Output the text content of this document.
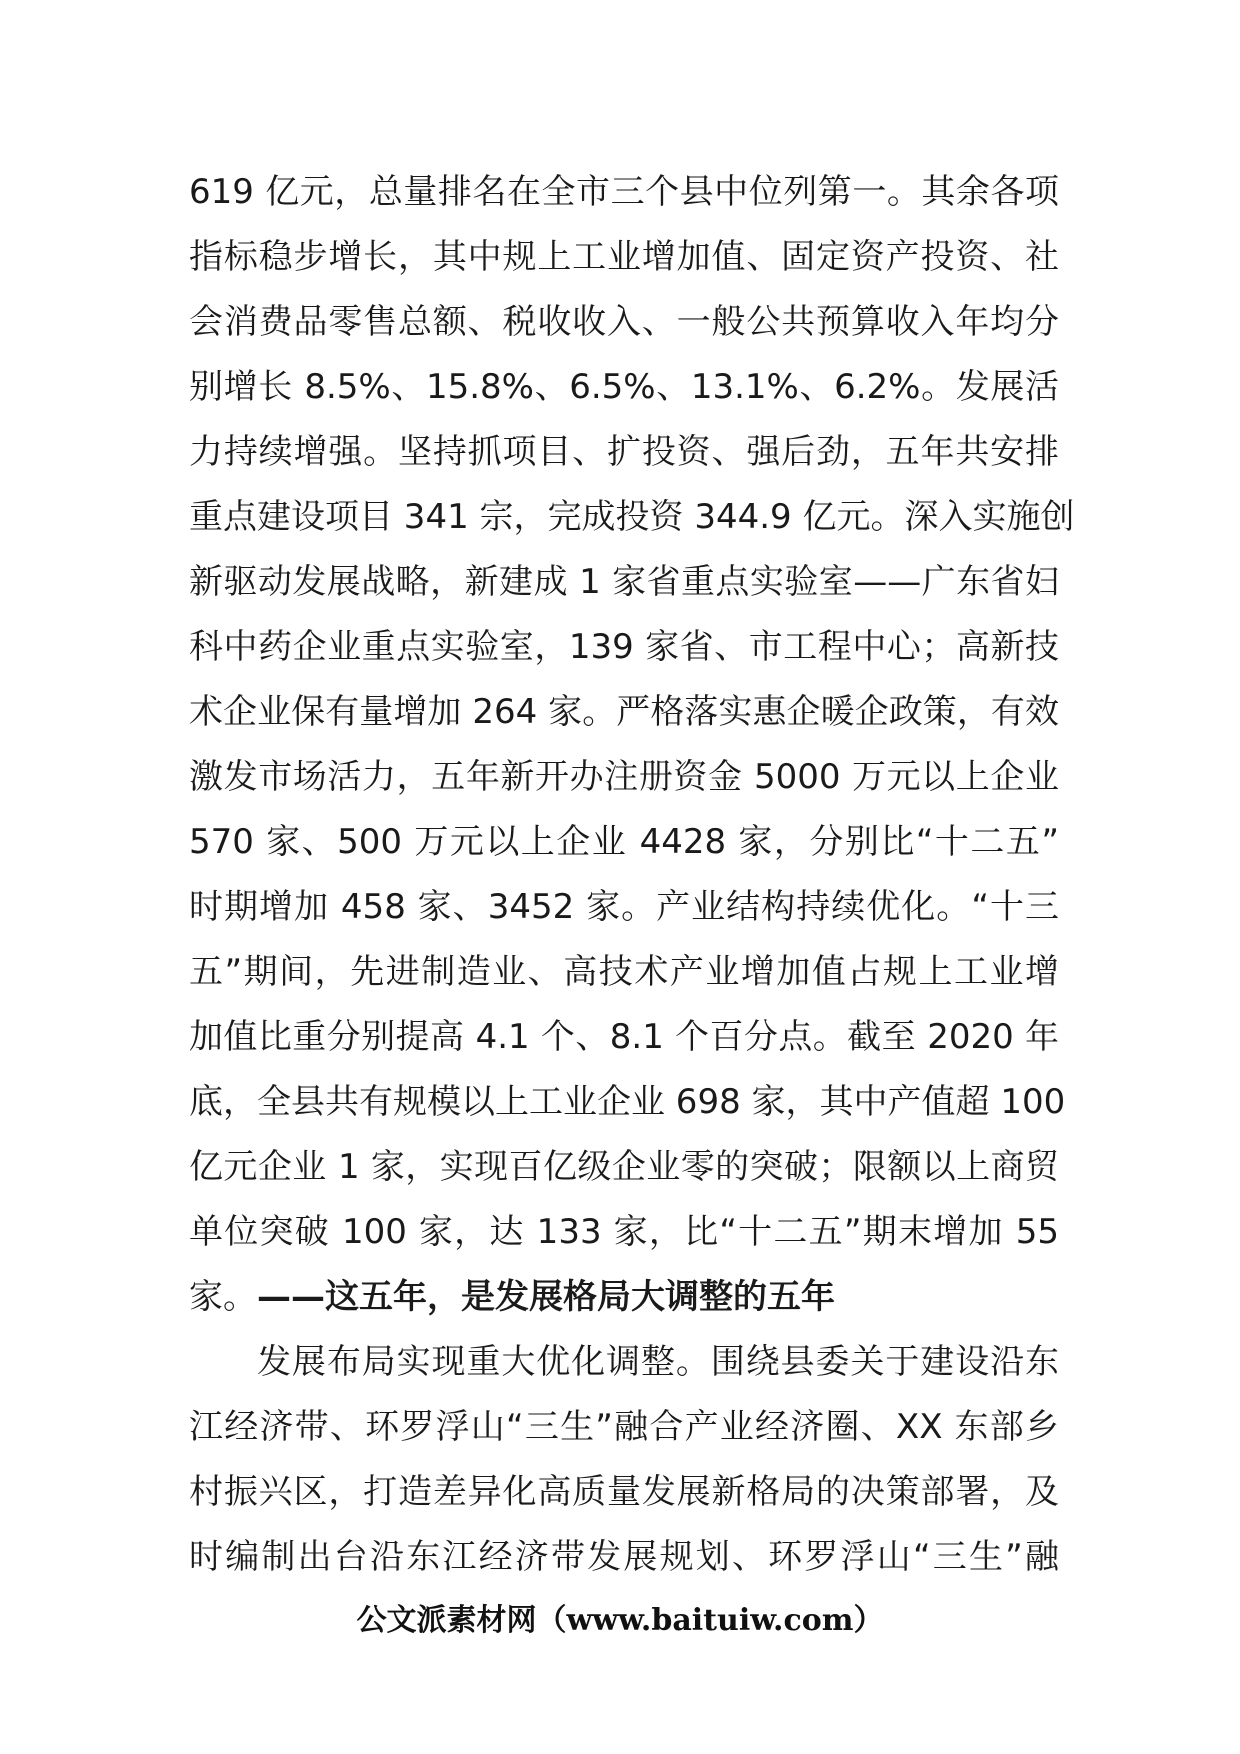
619 亿元，总量排名在全市三个县中位列第一。其余各项
指标稳步增长，其中规上工业增加值、固定资产投资、社
会消费品零售总额、税收收入、一般公共预算收入年均分
别增长 8.5%、15.8%、6.5%、13.1%、6.2%。发展活
力持续增强。坚持抓项目、扩投资、强后劲，五年共安排
重点建设项目 341 宗，完成投资 344.9 亿元。深入实施创
新驱动发展战略，新建成 1 家省重点实验室——广东省妇
科中药企业重点实验室，139 家省、市工程中心；高新技
术企业保有量增加 264 家。严格落实惠企暖企政策，有效
激发市场活力，五年新开办注册资金 5000 万元以上企业
570 家、500 万元以上企业 4428 家，分别比“十二五”
时期增加 458 家、3452 家。产业结构持续优化。“十三
五”期间，先进制造业、高技术产业增加值占规上工业增
加值比重分别提高 4.1 个、8.1 个百分点。截至 2020 年
底，全县共有规模以上工业企业 698 家，其中产值超 100
亿元企业 1 家，实现百亿级企业零的突破；限额以上商贸
单位突破 100 家，达 133 家，比“十二五”期末增加 55
家。——这五年，是发展格局大调整的五年
发展布局实现重大优化调整。围绕县委关于建设沿东
江经济带、环罗浮山“三生”融合产业经济圈、XX 东部乡
村振兴区，打造差异化高质量发展新格局的决策部署，及
时编制出台沿东江经济带发展规划、环罗浮山“三生”融
公文派素材网（www.baituiw.com）
